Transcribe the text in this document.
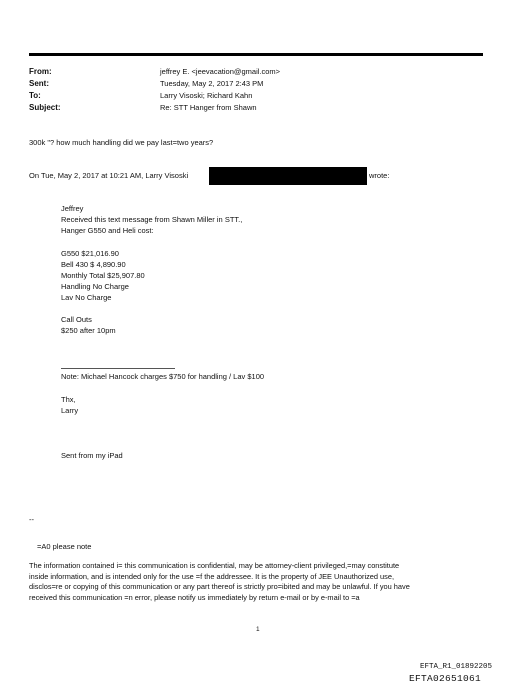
From:	jeffrey E. <jeevacation@gmail.com>
Sent:	Tuesday, May 2, 2017 2:43 PM
To:	Larry Visoski; Richard Kahn
Subject:	Re: STT Hanger from Shawn
300k "? how much handling did we pay last=two years?
On Tue, May 2, 2017 at 10:21 AM, Larry Visoski	wrote:
Jeffrey
Received this text message from Shawn Miller in STT.,
Hanger G550 and Heli cost:
G550 $21,016.90
Bell 430 $ 4,890.90
Monthly Total $25,907.80
Handling No Charge
Lav No Charge
Call Outs
$250 after 10pm
Note: Michael Hancock charges $750 for handling / Lav $100
Thx,
Larry
Sent from my iPad
--
=A0 please note
The information contained i= this communication is confidential, may be attorney-client privileged,=may constitute
inside information, and is intended only for the use =f the addressee. It is the property of JEE Unauthorized use,
disclos=re or copying of this communication or any part thereof is strictly pro=ibited and may be unlawful. If you have
received this communication =n error, please notify us immediately by return e-mail or by e-mail to =a
1
EFTA_R1_01892205
EFTA02651061
